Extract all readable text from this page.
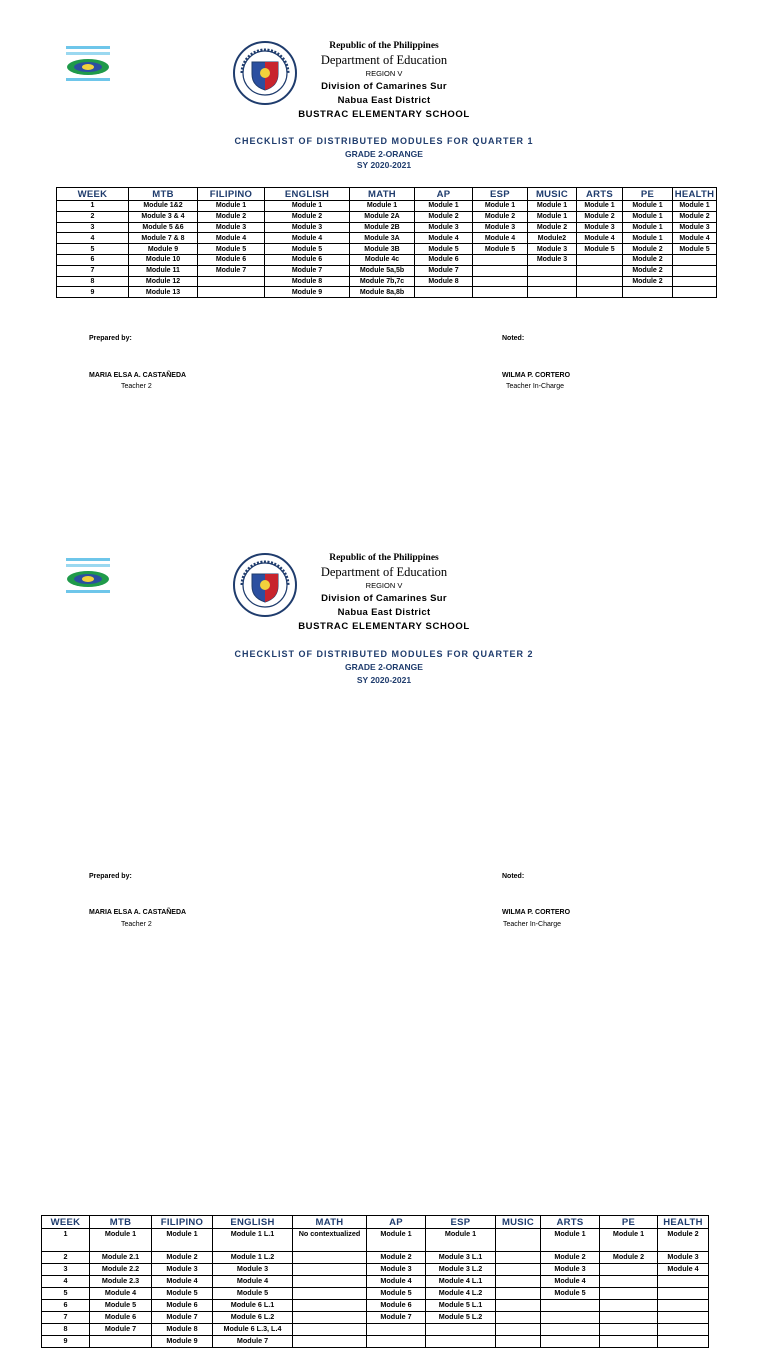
Republic of the Philippines
Department of Education
REGION V
Division of Camarines Sur
Nabua East District
BUSTRAC ELEMENTARY SCHOOL
CHECKLIST OF DISTRIBUTED MODULES FOR QUARTER 1
GRADE 2-ORANGE
SY 2020-2021
WEEK	MTB	FILIPINO	ENGLISH	MATH	AP	ESP	MUSIC	ARTS	PE	HEALTH
1	Module 1&2	Module 1	Module 1	Module 1	Module 1	Module 1	Module 1	Module 1	Module 1	Module 1
2	Module 3 & 4	Module 2	Module 2	Module 2A	Module 2	Module 2	Module 1	Module 2	Module 1	Module 2
3	Module 5 &6	Module 3	Module 3	Module 2B	Module 3	Module 3	Module 2	Module 3	Module 1	Module 3
4	Module 7 & 8	Module 4	Module 4	Module 3A	Module 4	Module 4	Module2	Module 4	Module 1	Module 4
5	Module 9	Module 5	Module 5	Module 3B	Module 5	Module 5	Module 3	Module 5	Module 2	Module 5
6	Module 10	Module 6	Module 6	Module 4c	Module 6		Module 3		Module 2	
7	Module 11	Module 7	Module 7	Module 5a,5b	Module 7				Module 2	
8	Module 12		Module 8	Module 7b,7c	Module 8				Module 2	
9	Module 13		Module 9	Module 8a,8b						
Prepared by:	Noted:
MARIA ELSA A. CASTAÑEDA
Teacher 2
WILMA P. CORTERO
Teacher In-Charge
Republic of the Philippines
Department of Education
REGION V
Division of Camarines Sur
Nabua East District
BUSTRAC ELEMENTARY SCHOOL
CHECKLIST OF DISTRIBUTED MODULES FOR QUARTER 2
GRADE 2-ORANGE
SY 2020-2021
WEEK	MTB	FILIPINO	ENGLISH	MATH	AP	ESP	MUSIC	ARTS	PE	HEALTH
1	Module 1	Module 1	Module 1 L.1	No contextualized	Module 1	Module 1		Module 1	Module 1	Module 2
2	Module 2.1	Module 2	Module 1 L.2		Module 2	Module 3 L.1		Module 2	Module 2	Module 3
3	Module 2.2	Module 3	Module 3		Module 3	Module 3 L.2		Module 3		Module 4
4	Module 2.3	Module 4	Module 4		Module 4	Module 4 L.1		Module 4		
5	Module 4	Module 5	Module 5		Module 5	Module 4 L.2		Module 5		
6	Module 5	Module 6	Module 6 L.1		Module 6	Module 5 L.1				
7	Module 6	Module 7	Module 6 L.2		Module 7	Module 5 L.2				
8	Module 7	Module 8	Module 6 L.3, L.4							
9		Module 9	Module 7							
Prepared by:	Noted:
MARIA ELSA A. CASTAÑEDA
Teacher 2
WILMA P. CORTERO
Teacher In-Charge
